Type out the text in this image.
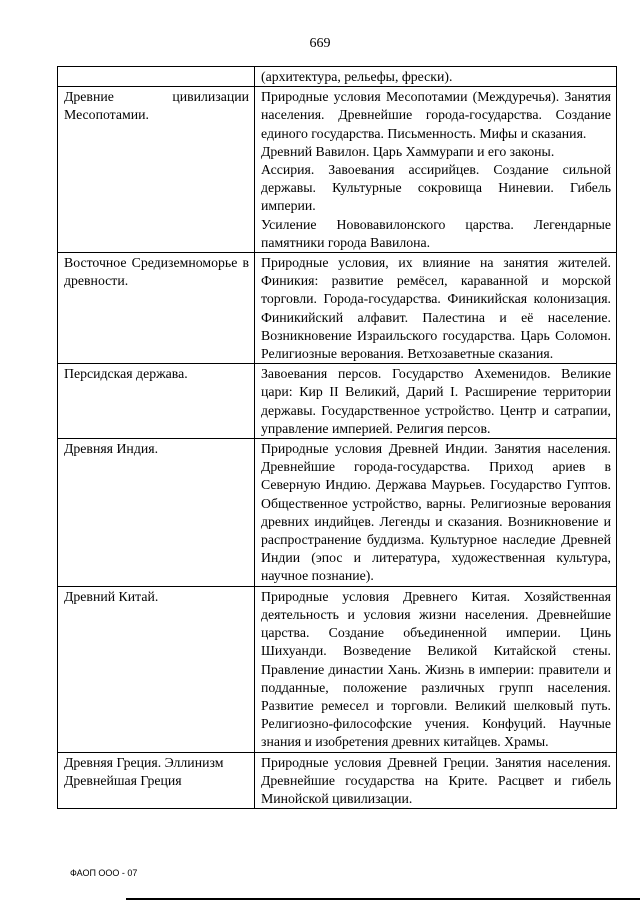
669

	(архитектура, рельефы, фрески).

Древние цивилизации Месопотамии.	Природные условия Месопотамии (Междуречья). Занятия населения. Древнейшие города-государства. Создание единого государства. Письменность. Мифы и сказания.

Древний Вавилон. Царь Хаммурапи и его законы.

Ассирия. Завоевания ассирийцев. Создание сильной державы. Культурные сокровища Ниневии. Гибель империи.

Усиление Нововавилонского царства. Легендарные памятники города Вавилона.

Восточное Средиземноморье в древности.	Природные условия, их влияние на занятия жителей. Финикия: развитие ремёсел, караванной и морской торговли. Города-государства. Финикийская колонизация. Финикийский алфавит. Палестина и её население. Возникновение Израильского государства. Царь Соломон. Религиозные верования. Ветхозаветные сказания.

Персидская держава.	Завоевания персов. Государство Ахеменидов. Великие цари: Кир II Великий, Дарий I. Расширение территории державы. Государственное устройство. Центр и сатрапии, управление империей. Религия персов.

Древняя Индия.	Природные условия Древней Индии. Занятия населения. Древнейшие города-государства. Приход ариев в Северную Индию. Держава Маурьев. Государство Гуптов. Общественное устройство, варны. Религиозные верования древних индийцев. Легенды и сказания. Возникновение и распространение буддизма. Культурное наследие Древней Индии (эпос и литература, художественная культура, научное познание).

Древний Китай.	Природные условия Древнего Китая. Хозяйственная деятельность и условия жизни населения. Древнейшие царства. Создание объединенной империи. Цинь Шихуанди. Возведение Великой Китайской стены. Правление династии Хань. Жизнь в империи: правители и подданные, положение различных групп населения. Развитие ремесел и торговли. Великий шелковый путь. Религиозно-философские учения. Конфуций. Научные знания и изобретения древних китайцев. Храмы.

Древняя Греция. Эллинизм

Древнейшая Греция	Природные условия Древней Греции. Занятия населения. Древнейшие государства на Крите. Расцвет и гибель Минойской цивилизации.

ФАОП ООО - 07
